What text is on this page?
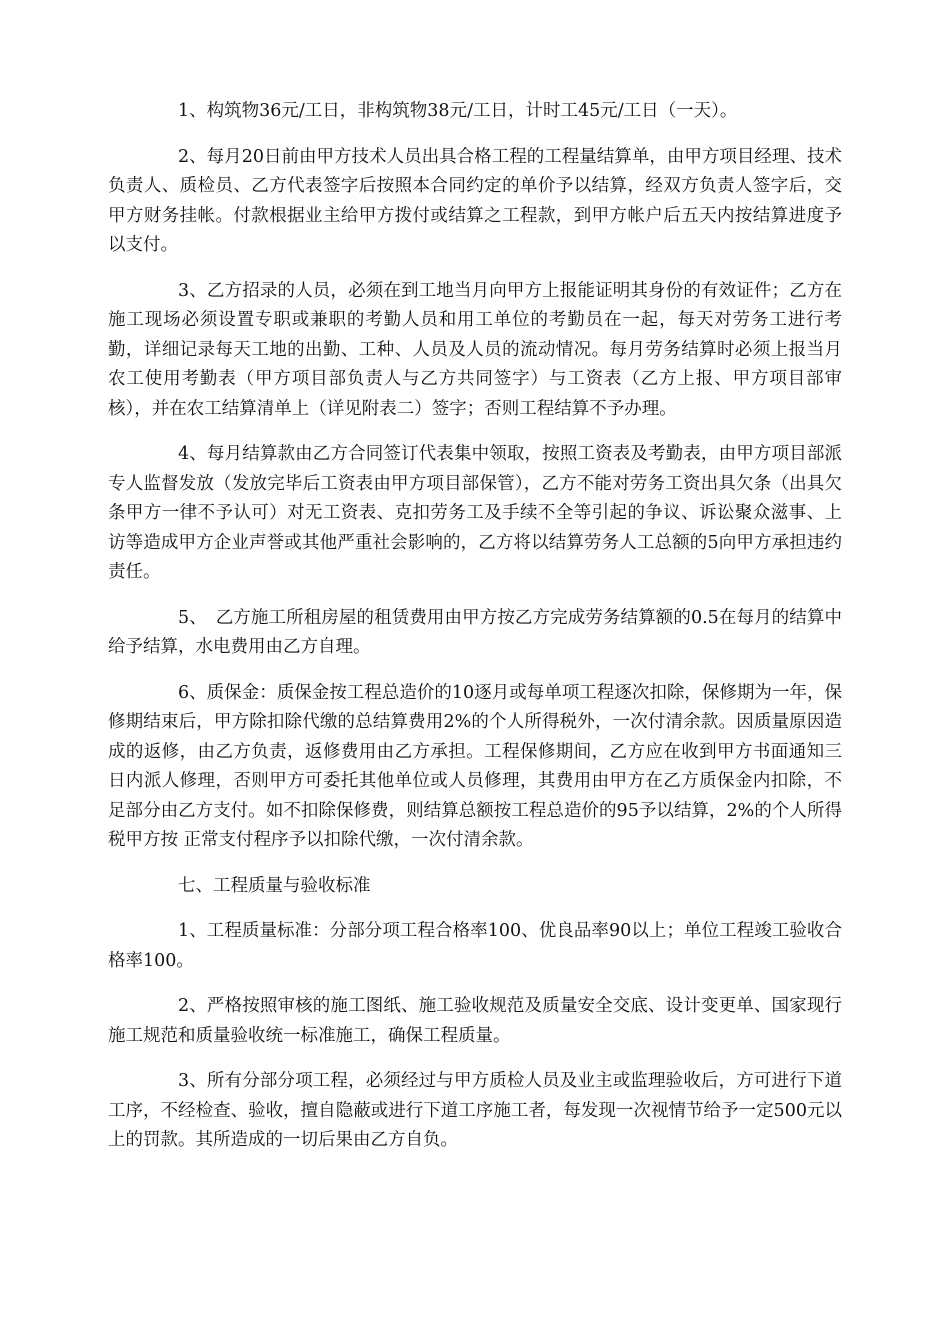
1、构筑物36元/工日，非构筑物38元/工日，计时工45元/工日（一天）。

2、每月20日前由甲方技术人员出具合格工程的工程量结算单，由甲方项目经理、技术负责人、质检员、乙方代表签字后按照本合同约定的单价予以结算，经双方负责人签字后，交甲方财务挂帐。付款根据业主给甲方拨付或结算之工程款，到甲方帐户后五天内按结算进度予以支付。

3、乙方招录的人员，必须在到工地当月向甲方上报能证明其身份的有效证件；乙方在施工现场必须设置专职或兼职的考勤人员和用工单位的考勤员在一起，每天对劳务工进行考勤，详细记录每天工地的出勤、工种、人员及人员的流动情况。每月劳务结算时必须上报当月农工使用考勤表（甲方项目部负责人与乙方共同签字）与工资表（乙方上报、甲方项目部审核），并在农工结算清单上（详见附表二）签字；否则工程结算不予办理。

4、每月结算款由乙方合同签订代表集中领取，按照工资表及考勤表，由甲方项目部派专人监督发放（发放完毕后工资表由甲方项目部保管），乙方不能对劳务工资出具欠条（出具欠条甲方一律不予认可）对无工资表、克扣劳务工及手续不全等引起的争议、诉讼聚众滋事、上访等造成甲方企业声誉或其他严重社会影响的，乙方将以结算劳务人工总额的5向甲方承担违约责任。

5、　乙方施工所租房屋的租赁费用由甲方按乙方完成劳务结算额的0.5在每月的结算中给予结算，水电费用由乙方自理。

6、质保金：质保金按工程总造价的10逐月或每单项工程逐次扣除，保修期为一年，保修期结束后，甲方除扣除代缴的总结算费用2%的个人所得税外，一次付清余款。因质量原因造成的返修，由乙方负责，返修费用由乙方承担。工程保修期间，乙方应在收到甲方书面通知三日内派人修理，否则甲方可委托其他单位或人员修理，其费用由甲方在乙方质保金内扣除，不足部分由乙方支付。如不扣除保修费，则结算总额按工程总造价的95予以结算，2%的个人所得税甲方按 正常支付程序予以扣除代缴，一次付清余款。

七、工程质量与验收标准

1、工程质量标准：分部分项工程合格率100、优良品率90以上；单位工程竣工验收合格率100。

2、严格按照审核的施工图纸、施工验收规范及质量安全交底、设计变更单、国家现行施工规范和质量验收统一标准施工，确保工程质量。

3、所有分部分项工程，必须经过与甲方质检人员及业主或监理验收后，方可进行下道工序，不经检查、验收，擅自隐蔽或进行下道工序施工者，每发现一次视情节给予一定500元以上的罚款。其所造成的一切后果由乙方自负。
